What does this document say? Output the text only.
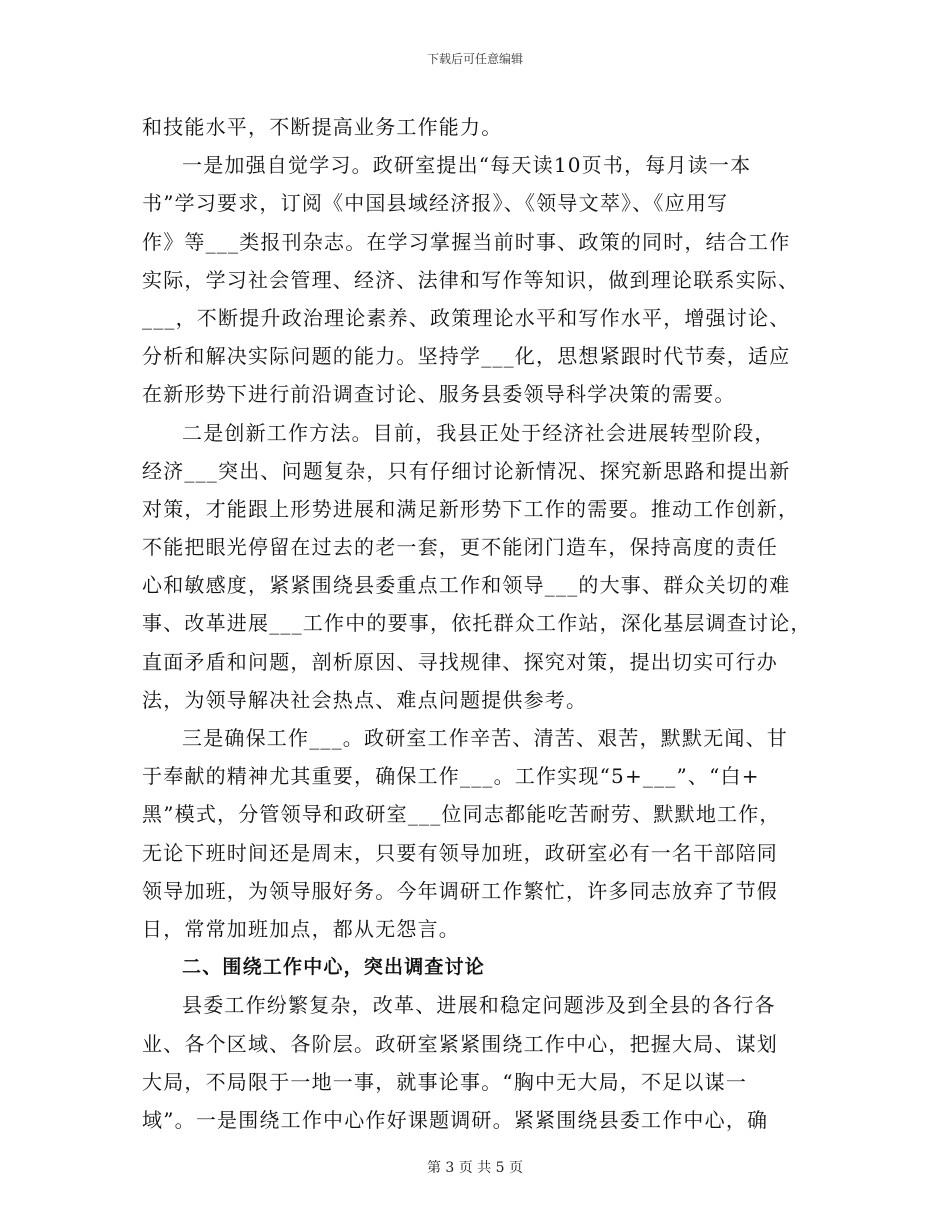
下载后可任意编辑
和技能水平，不断提高业务工作能力。
一是加强自觉学习。政研室提出“每天读10页书，每月读一本
书”学习要求，订阅《中国县域经济报》、《领导文萃》、《应用写
作》等___类报刊杂志。在学习掌握当前时事、政策的同时，结合工作
实际，学习社会管理、经济、法律和写作等知识，做到理论联系实际、
___，不断提升政治理论素养、政策理论水平和写作水平，增强讨论、
分析和解决实际问题的能力。坚持学___化，思想紧跟时代节奏，适应
在新形势下进行前沿调查讨论、服务县委领导科学决策的需要。
二是创新工作方法。目前，我县正处于经济社会进展转型阶段，
经济___突出、问题复杂，只有仔细讨论新情况、探究新思路和提出新
对策，才能跟上形势进展和满足新形势下工作的需要。推动工作创新，
不能把眼光停留在过去的老一套，更不能闭门造车，保持高度的责任
心和敏感度，紧紧围绕县委重点工作和领导___的大事、群众关切的难
事、改革进展___工作中的要事，依托群众工作站，深化基层调查讨论，
直面矛盾和问题，剖析原因、寻找规律、探究对策，提出切实可行办
法，为领导解决社会热点、难点问题提供参考。
三是确保工作___。政研室工作辛苦、清苦、艰苦，默默无闻、甘
于奉献的精神尤其重要，确保工作___。工作实现“5+___”、“白+
黑”模式，分管领导和政研室___位同志都能吃苦耐劳、默默地工作，
无论下班时间还是周末，只要有领导加班，政研室必有一名干部陪同
领导加班，为领导服好务。今年调研工作繁忙，许多同志放弃了节假
日，常常加班加点，都从无怨言。
二、围绕工作中心，突出调查讨论
县委工作纷繁复杂，改革、进展和稳定问题涉及到全县的各行各
业、各个区域、各阶层。政研室紧紧围绕工作中心，把握大局、谋划
大局，不局限于一地一事，就事论事。“胸中无大局，不足以谋一
域”。一是围绕工作中心作好课题调研。紧紧围绕县委工作中心，确
第 3 页 共 5 页
